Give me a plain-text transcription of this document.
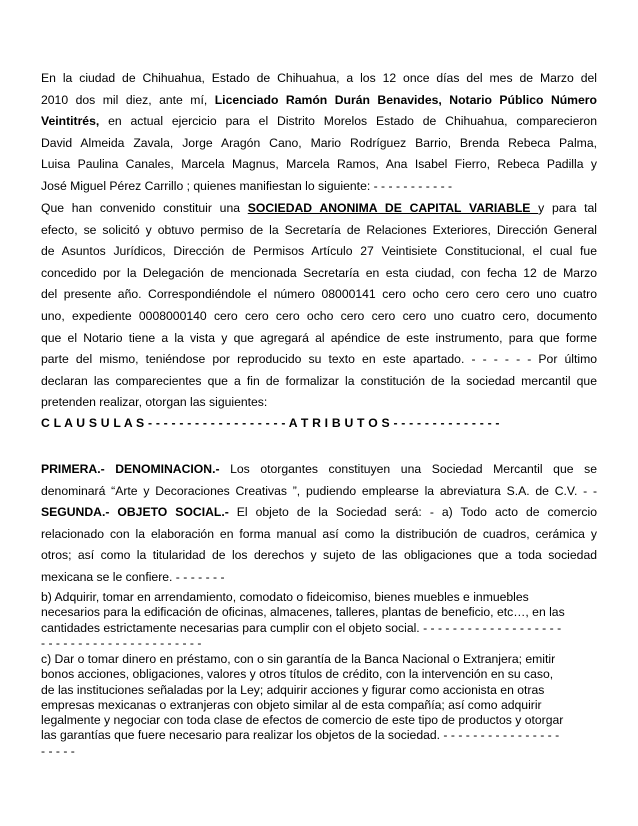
En la ciudad de Chihuahua, Estado de Chihuahua, a los 12 once días del mes de Marzo del
2010 dos mil diez, ante mí, Licenciado Ramón Durán Benavides, Notario Público Número
Veintitrés, en actual ejercicio para el Distrito Morelos Estado de Chihuahua, comparecieron
David Almeida Zavala, Jorge Aragón Cano, Mario Rodríguez Barrio, Brenda Rebeca Palma,
Luisa Paulina Canales, Marcela Magnus, Marcela Ramos, Ana Isabel Fierro, Rebeca Padilla y
José Miguel Pérez Carrillo ; quienes manifiestan lo siguiente: - - - - - - - - - - -
Que han convenido constituir una SOCIEDAD ANONIMA DE CAPITAL VARIABLE y para tal
efecto, se solicitó y obtuvo permiso de la Secretaría de Relaciones Exteriores, Dirección General
de Asuntos Jurídicos, Dirección de Permisos Artículo 27 Veintisiete Constitucional, el cual fue
concedido por la Delegación de mencionada Secretaría en esta ciudad, con fecha 12 de Marzo
del presente año. Correspondiéndole el número 08000141 cero ocho cero cero cero uno cuatro
uno, expediente 0008000140 cero cero cero ocho cero cero cero uno cuatro cero, documento
que el Notario tiene a la vista y que agregará al apéndice de este instrumento, para que forme
parte del mismo, teniéndose por reproducido su texto en este apartado. - - - - - - Por último
declaran las comparecientes que a fin de formalizar la constitución de la sociedad mercantil que
pretenden realizar, otorgan las siguientes:
C L A U S U L A S - - - - - - - - - - - - - - - - - - A T R I B U T O S - - - - - - - - - - - - - -
PRIMERA.- DENOMINACION.- Los otorgantes constituyen una Sociedad Mercantil que se
denominará “Arte y Decoraciones Creativas ”, pudiendo emplearse la abreviatura S.A. de C.V. - -
SEGUNDA.- OBJETO SOCIAL.- El objeto de la Sociedad será: - a) Todo acto de comercio
relacionado con la elaboración en forma manual así como la distribución de cuadros, cerámica y
otros; así como la titularidad de los derechos y sujeto de las obligaciones que a toda sociedad
mexicana se le confiere. - - - - - - -
b) Adquirir, tomar en arrendamiento, comodato o fideicomiso, bienes muebles e inmuebles
necesarios para la edificación de oficinas, almacenes, talleres, plantas de beneficio, etc…, en las
cantidades estrictamente necesarias para cumplir con el objeto social. - - - - - - - - - - - - - - - - - - -
- - - - - - - - - - - - - - - - - - - - - -
c) Dar o tomar dinero en préstamo, con o sin garantía de la Banca Nacional o Extranjera; emitir
bonos acciones, obligaciones, valores y otros títulos de crédito, con la intervención en su caso,
de las instituciones señaladas por la Ley; adquirir acciones y figurar como accionista en otras
empresas mexicanas o extranjeras con objeto similar al de esta compañía; así como adquirir
legalmente y negociar con toda clase de efectos de comercio de este tipo de productos y otorgar
las garantías que fuere necesario para realizar los objetos de la sociedad. - - - - - - - - - - - - - - - -
- - - - -
